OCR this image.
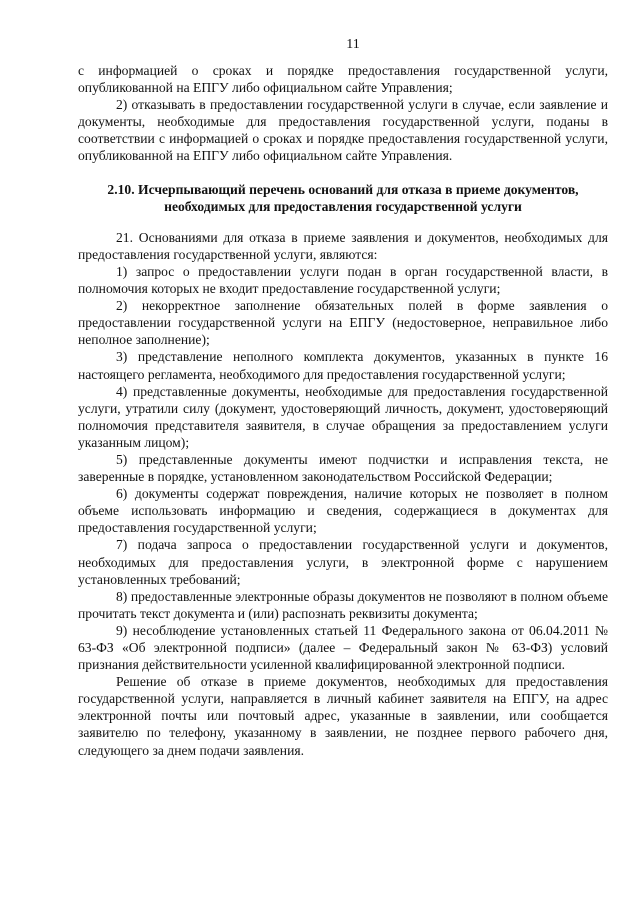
11

с информацией о сроках и порядке предоставления государственной услуги, опубликованной на ЕПГУ либо официальном сайте Управления;

2) отказывать в предоставлении государственной услуги в случае, если заявление и документы, необходимые для предоставления государственной услуги, поданы в соответствии с информацией о сроках и порядке предоставления государственной услуги, опубликованной на ЕПГУ либо официальном сайте Управления.

2.10. Исчерпывающий перечень оснований для отказа в приеме документов, необходимых для предоставления государственной услуги

21. Основаниями для отказа в приеме заявления и документов, необходимых для предоставления государственной услуги, являются:

1) запрос о предоставлении услуги подан в орган государственной власти, в полномочия которых не входит предоставление государственной услуги;

2) некорректное заполнение обязательных полей в форме заявления о предоставлении государственной услуги на ЕПГУ (недостоверное, неправильное либо неполное заполнение);

3) представление неполного комплекта документов, указанных в пункте 16 настоящего регламента, необходимого для предоставления государственной услуги;

4) представленные документы, необходимые для предоставления государственной услуги, утратили силу (документ, удостоверяющий личность, документ, удостоверяющий полномочия представителя заявителя, в случае обращения за предоставлением услуги указанным лицом);

5) представленные документы имеют подчистки и исправления текста, не заверенные в порядке, установленном законодательством Российской Федерации;

6) документы содержат повреждения, наличие которых не позволяет в полном объеме использовать информацию и сведения, содержащиеся в документах для предоставления государственной услуги;

7) подача запроса о предоставлении государственной услуги и документов, необходимых для предоставления услуги, в электронной форме с нарушением установленных требований;

8) предоставленные электронные образы документов не позволяют в полном объеме прочитать текст документа и (или) распознать реквизиты документа;

9) несоблюдение установленных статьей 11 Федерального закона от 06.04.2011 № 63-ФЗ «Об электронной подписи» (далее – Федеральный закон № 63-ФЗ) условий признания действительности усиленной квалифицированной электронной подписи.

Решение об отказе в приеме документов, необходимых для предоставления государственной услуги, направляется в личный кабинет заявителя на ЕПГУ, на адрес электронной почты или почтовый адрес, указанные в заявлении, или сообщается заявителю по телефону, указанному в заявлении, не позднее первого рабочего дня, следующего за днем подачи заявления.
